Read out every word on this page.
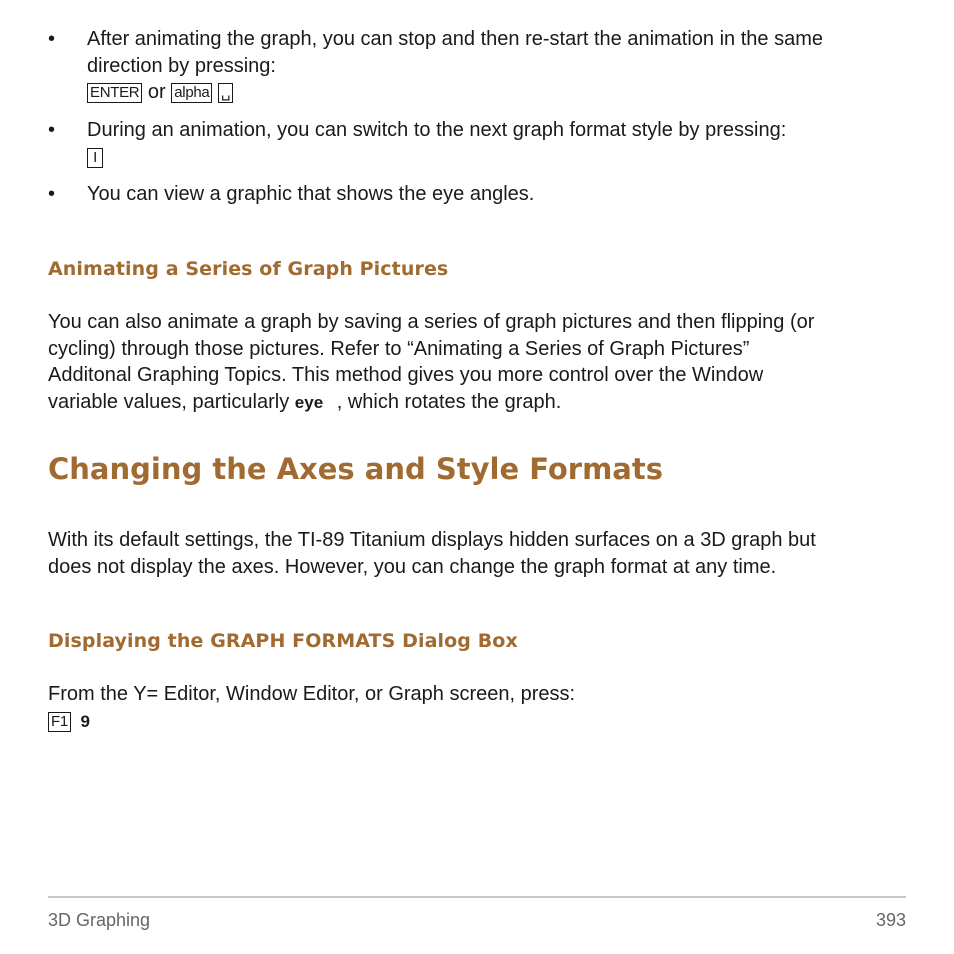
• After animating the graph, you can stop and then re-start the animation in the same
direction by pressing:
ENTER or alpha ␣
• During an animation, you can switch to the next graph format style by pressing:
I
• You can view a graphic that shows the eye angles.
Animating a Series of Graph Pictures
You can also animate a graph by saving a series of graph pictures and then flipping (or
cycling) through those pictures. Refer to “Animating a Series of Graph Pictures”
Additonal Graphing Topics. This method gives you more control over the Window
variable values, particularly eye , which rotates the graph.
Changing the Axes and Style Formats
With its default settings, the TI-89 Titanium displays hidden surfaces on a 3D graph but
does not display the axes. However, you can change the graph format at any time.
Displaying the GRAPH FORMATS Dialog Box
From the Y= Editor, Window Editor, or Graph screen, press:
F1 9
3D Graphing	393
